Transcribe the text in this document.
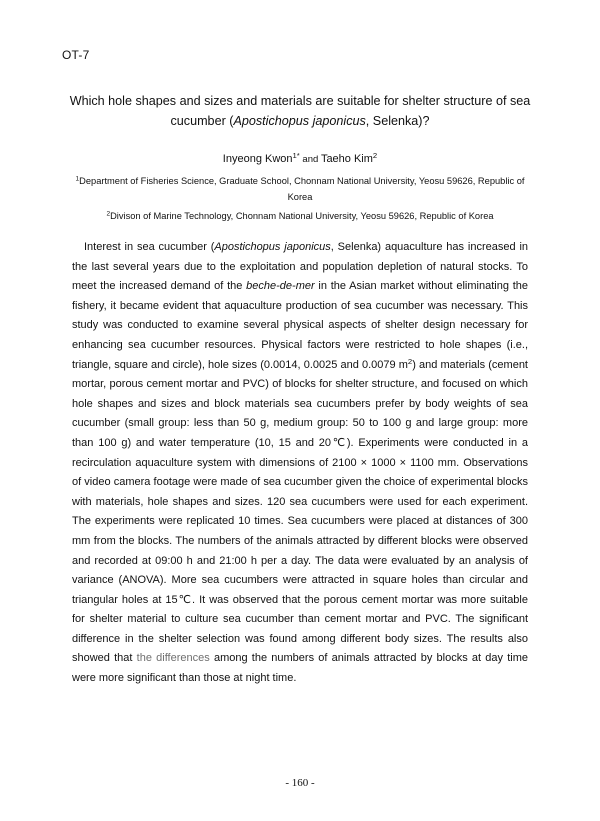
OT-7
Which hole shapes and sizes and materials are suitable for shelter structure of sea
cucumber (Apostichopus japonicus, Selenka)?
Inyeong Kwon$^{1*}$ and Taeho Kim$^2$
$^1$Department of Fisheries Science, Graduate School, Chonnam National University, Yeosu 59626, Republic of Korea
$^2$Divison of Marine Technology, Chonnam National University, Yeosu 59626, Republic of Korea

Interest in sea cucumber (Apostichopus japonicus, Selenka) aquaculture has increased in the last several years due to the exploitation and population depletion of natural stocks. To meet the increased demand of the beche-de-mer in the Asian market without eliminating the fishery, it became evident that aquaculture production of sea cucumber was necessary. This study was conducted to examine several physical aspects of shelter design necessary for enhancing sea cucumber resources. Physical factors were restricted to hole shapes (i.e., triangle, square and circle), hole sizes (0.0014, 0.0025 and 0.0079 $m^2$) and materials (cement mortar, porous cement mortar and PVC) of blocks for shelter structure, and focused on which hole shapes and sizes and block materials sea cucumbers prefer by body weights of sea cucumber (small group: less than 50 g, medium group: 50 to 100 g and large group: more than 100 g) and water temperature (10, 15 and 20℃). Experiments were conducted in a recirculation aquaculture system with dimensions of 2100 × 1000 × 1100 mm. Observations of video camera footage were made of sea cucumber given the choice of experimental blocks with materials, hole shapes and sizes. 120 sea cucumbers were used for each experiment. The experiments were replicated 10 times. Sea cucumbers were placed at distances of 300 mm from the blocks. The numbers of the animals attracted by different blocks were observed and recorded at 09:00 h and 21:00 h per a day. The data were evaluated by an analysis of variance (ANOVA). More sea cucumbers were attracted in square holes than circular and triangular holes at 15℃. It was observed that the porous cement mortar was more suitable for shelter material to culture sea cucumber than cement mortar and PVC. The significant difference in the shelter selection was found among different body sizes. The results also showed that the differences among the numbers of animals attracted by blocks at day time were more significant than those at night time.

- 160 -
